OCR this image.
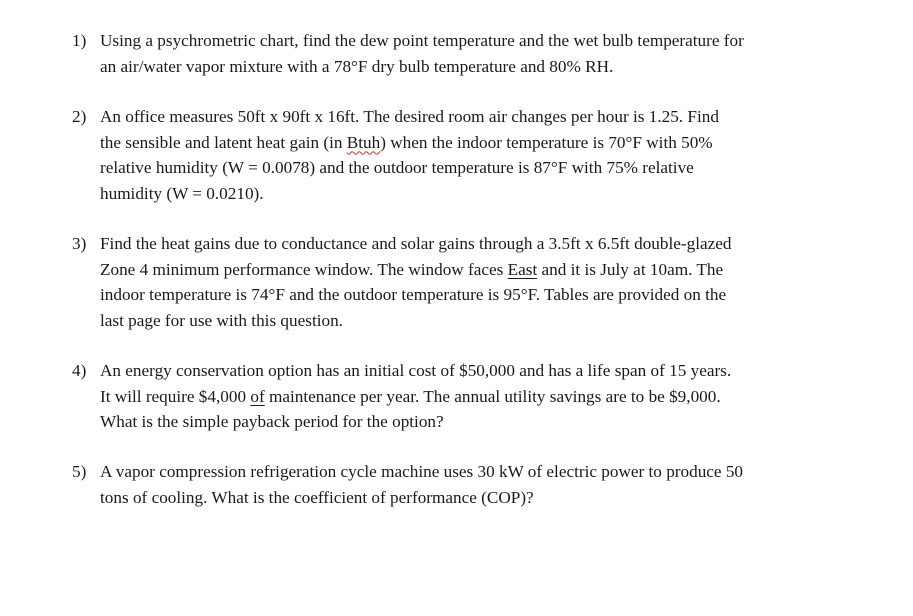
1) Using a psychrometric chart, find the dew point temperature and the wet bulb temperature for
an air/water vapor mixture with a 78°F dry bulb temperature and 80% RH.
2) An office measures 50ft x 90ft x 16ft. The desired room air changes per hour is 1.25. Find
the sensible and latent heat gain (in Btuh) when the indoor temperature is 70°F with 50%
relative humidity (W = 0.0078) and the outdoor temperature is 87°F with 75% relative
humidity (W = 0.0210).
3) Find the heat gains due to conductance and solar gains through a 3.5ft x 6.5ft double-glazed
Zone 4 minimum performance window. The window faces East and it is July at 10am. The
indoor temperature is 74°F and the outdoor temperature is 95°F. Tables are provided on the
last page for use with this question.
4) An energy conservation option has an initial cost of $50,000 and has a life span of 15 years.
It will require $4,000 of maintenance per year. The annual utility savings are to be $9,000.
What is the simple payback period for the option?
5) A vapor compression refrigeration cycle machine uses 30 kW of electric power to produce 50
tons of cooling. What is the coefficient of performance (COP)?
